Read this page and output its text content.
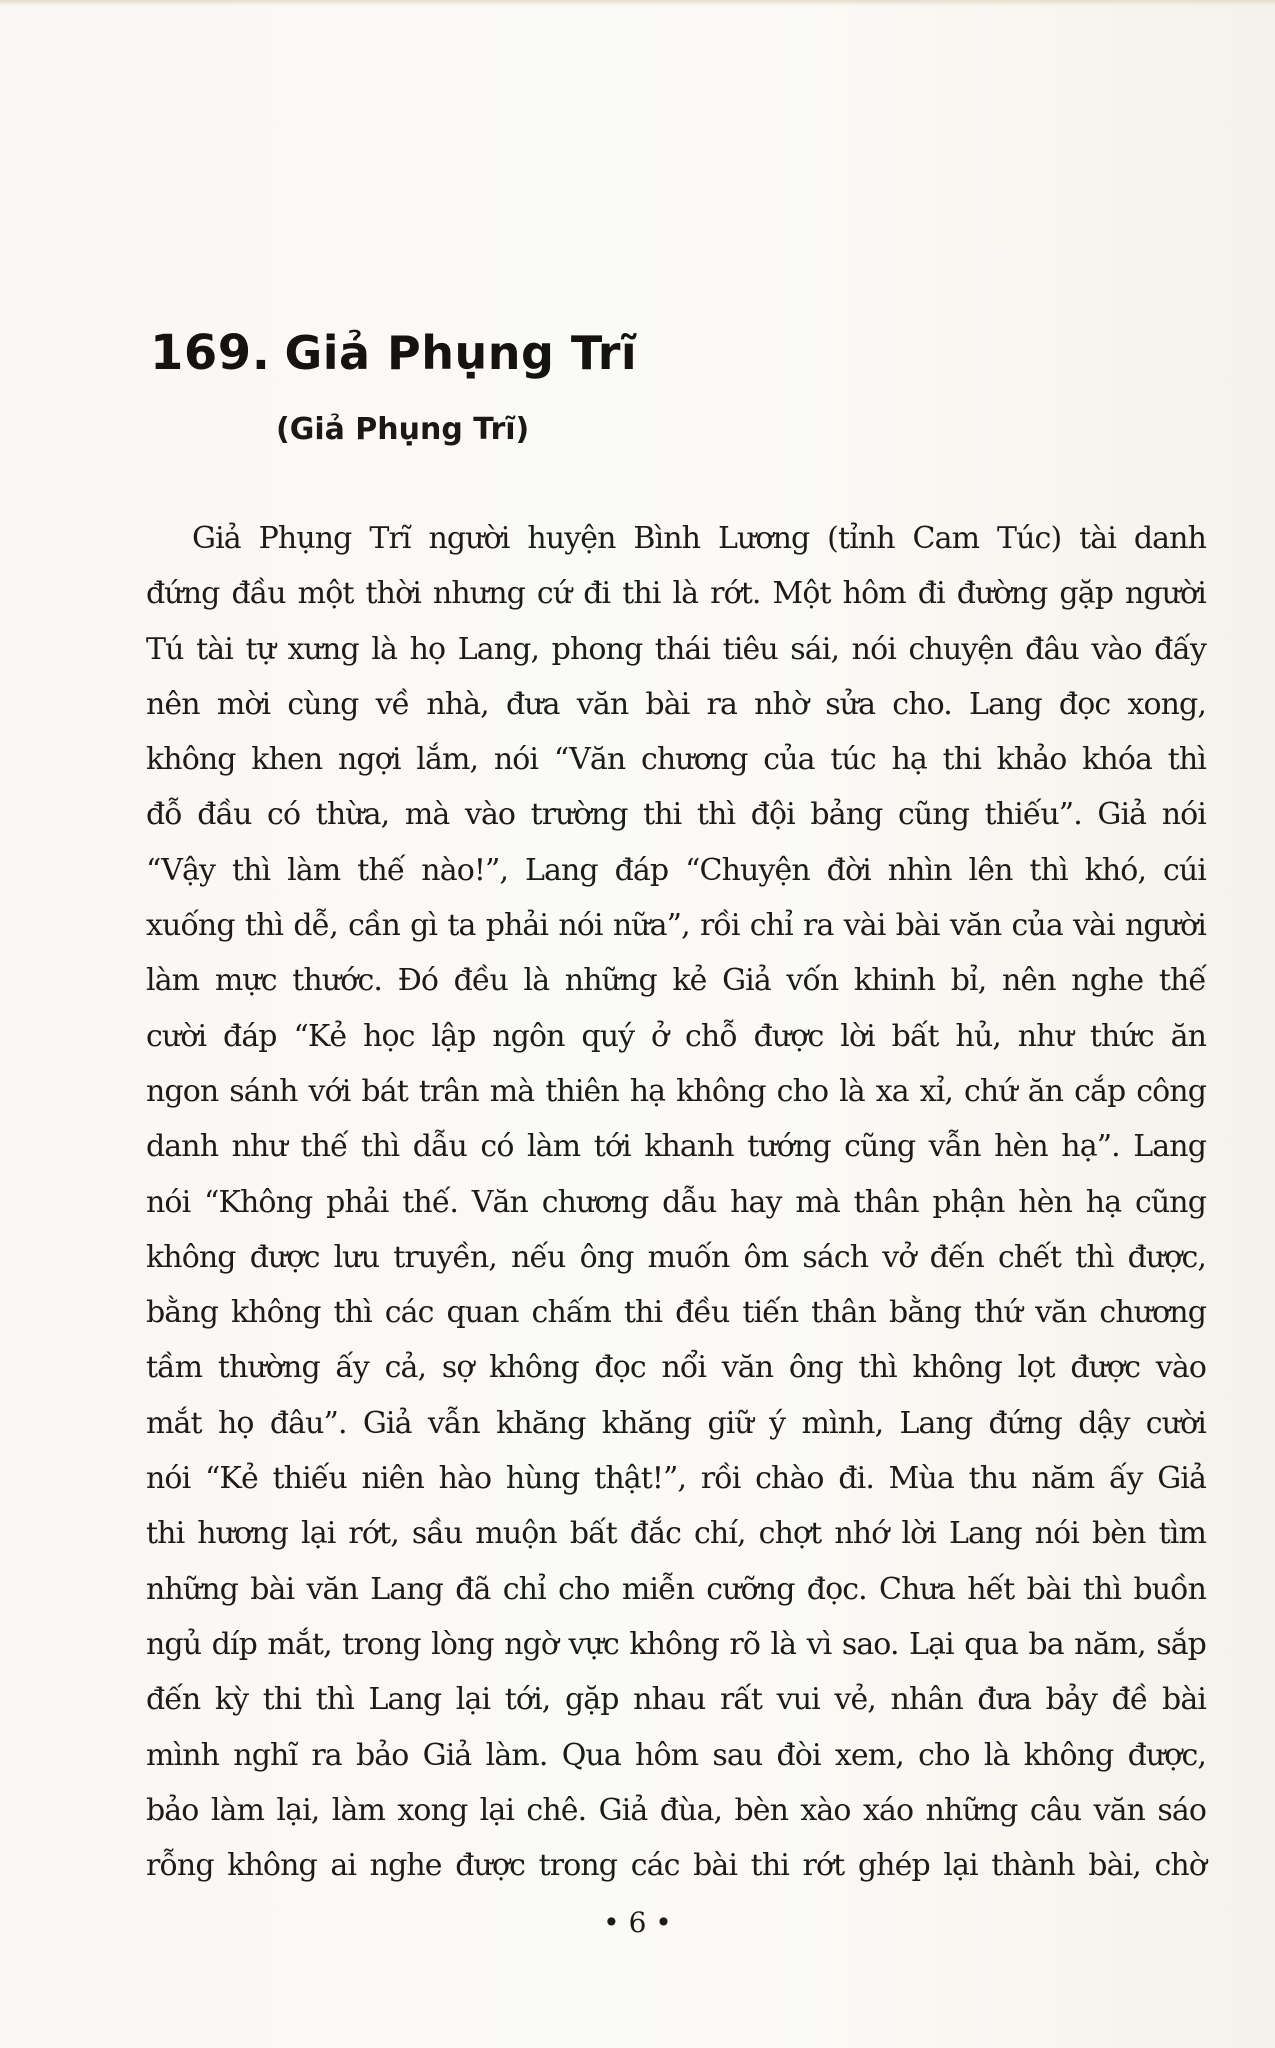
169. Giả Phụng Trĩ
(Giả Phụng Trĩ)
Giả Phụng Trĩ người huyện Bình Lương (tỉnh Cam Túc) tài danh
đứng đầu một thời nhưng cứ đi thi là rớt. Một hôm đi đường gặp người
Tú tài tự xưng là họ Lang, phong thái tiêu sái, nói chuyện đâu vào đấy
nên mời cùng về nhà, đưa văn bài ra nhờ sửa cho. Lang đọc xong,
không khen ngợi lắm, nói “Văn chương của túc hạ thi khảo khóa thì
đỗ đầu có thừa, mà vào trường thi thì đội bảng cũng thiếu”. Giả nói
“Vậy thì làm thế nào!”, Lang đáp “Chuyện đời nhìn lên thì khó, cúi
xuống thì dễ, cần gì ta phải nói nữa”, rồi chỉ ra vài bài văn của vài người
làm mực thước. Đó đều là những kẻ Giả vốn khinh bỉ, nên nghe thế
cười đáp “Kẻ học lập ngôn quý ở chỗ được lời bất hủ, như thức ăn
ngon sánh với bát trân mà thiên hạ không cho là xa xỉ, chứ ăn cắp công
danh như thế thì dẫu có làm tới khanh tướng cũng vẫn hèn hạ”. Lang
nói “Không phải thế. Văn chương dẫu hay mà thân phận hèn hạ cũng
không được lưu truyền, nếu ông muốn ôm sách vở đến chết thì được,
bằng không thì các quan chấm thi đều tiến thân bằng thứ văn chương
tầm thường ấy cả, sợ không đọc nổi văn ông thì không lọt được vào
mắt họ đâu”. Giả vẫn khăng khăng giữ ý mình, Lang đứng dậy cười
nói “Kẻ thiếu niên hào hùng thật!”, rồi chào đi. Mùa thu năm ấy Giả
thi hương lại rớt, sầu muộn bất đắc chí, chợt nhớ lời Lang nói bèn tìm
những bài văn Lang đã chỉ cho miễn cưỡng đọc. Chưa hết bài thì buồn
ngủ díp mắt, trong lòng ngờ vực không rõ là vì sao. Lại qua ba năm, sắp
đến kỳ thi thì Lang lại tới, gặp nhau rất vui vẻ, nhân đưa bảy đề bài
mình nghĩ ra bảo Giả làm. Qua hôm sau đòi xem, cho là không được,
bảo làm lại, làm xong lại chê. Giả đùa, bèn xào xáo những câu văn sáo
rỗng không ai nghe được trong các bài thi rớt ghép lại thành bài, chờ
• 6 •
